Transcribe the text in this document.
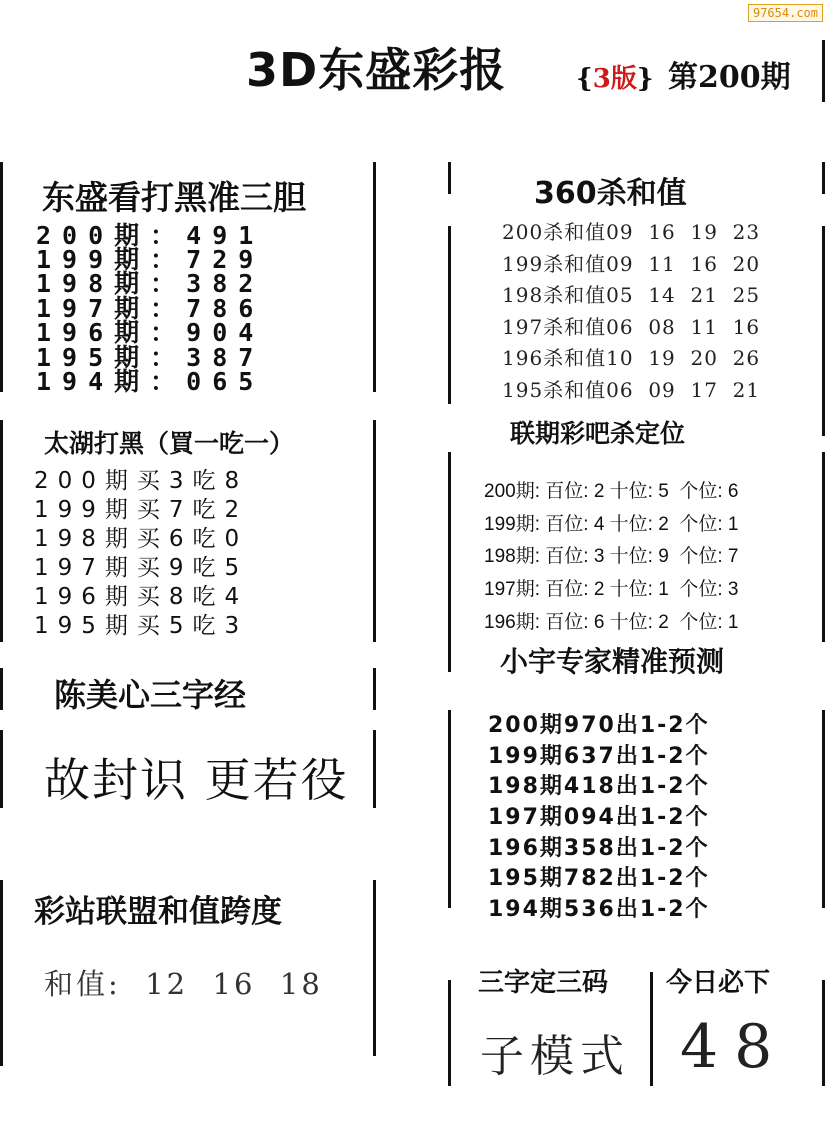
97654.com
3D东盛彩报	{3版} 第200期
东盛看打黑准三胆
200期：491
199期：729
198期：382
197期：786
196期：904
195期：387
194期：065
太湖打黑（買一吃一）
200期买3吃8
199期买7吃2
198期买6吃0
197期买9吃5
196期买8吃4
195期买5吃3
陈美心三字经
故封识 更若役
彩站联盟和值跨度
和值:  12  16  18
360杀和值
200杀和值09  16  19  23
199杀和值09  11  16  20
198杀和值05  14  21  25
197杀和值06  08  11  16
196杀和值10  19  20  26
195杀和值06  09  17  21
联期彩吧杀定位
200期: 百位: 2 十位: 5  个位: 6
199期: 百位: 4 十位: 2  个位: 1
198期: 百位: 3 十位: 9  个位: 7
197期: 百位: 2 十位: 1  个位: 3
196期: 百位: 6 十位: 2  个位: 1
小宇专家精准预测
200期970出1-2个
199期637出1-2个
198期418出1-2个
197期094出1-2个
196期358出1-2个
195期782出1-2个
194期536出1-2个
三字定三码 今日必下
子模式 48
